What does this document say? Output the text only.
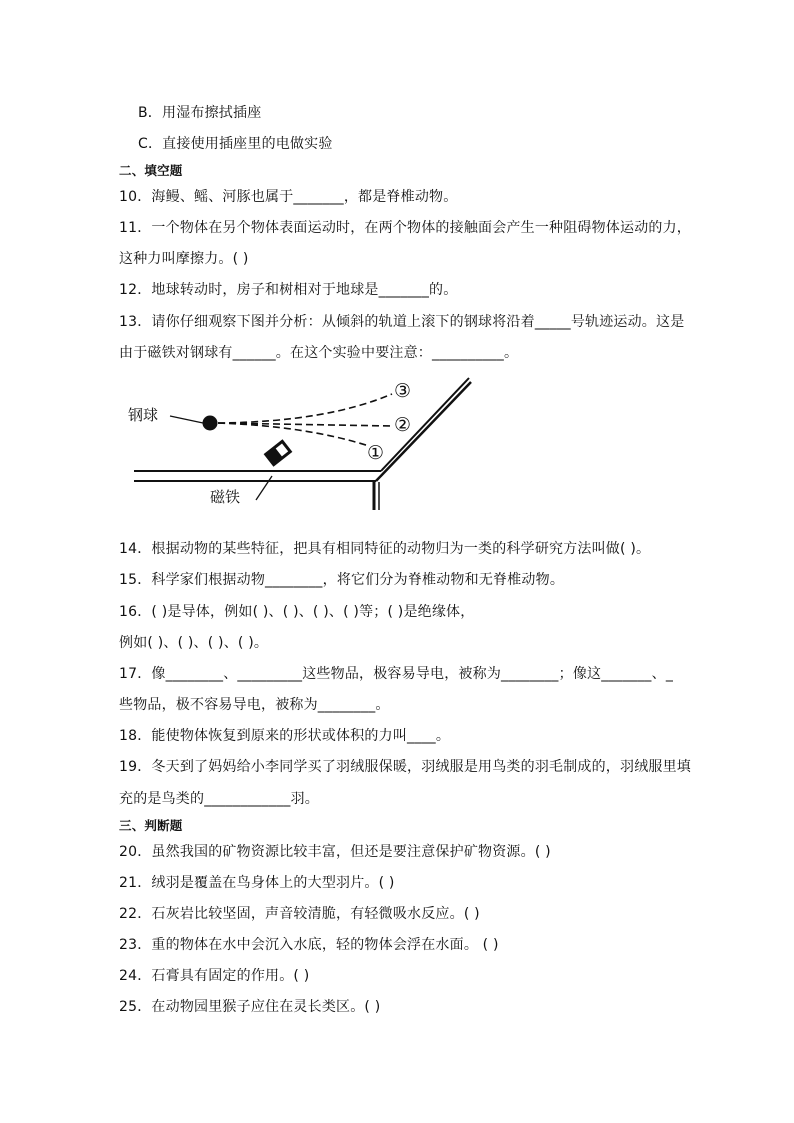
B．用湿布擦拭插座
C．直接使用插座里的电做实验
二、填空题
10．海鳗、鳐、河豚也属于_______，都是脊椎动物。
11．一个物体在另个物体表面运动时，在两个物体的接触面会产生一种阻碍物体运动的力，
这种力叫摩擦力。( )
12．地球转动时，房子和树相对于地球是_______的。
13．请你仔细观察下图并分析：从倾斜的轨道上滚下的钢球将沿着_____号轨迹运动。这是
由于磁铁对钢球有______。在这个实验中要注意：__________。
钢球
磁铁
③
②
①
14．根据动物的某些特征，把具有相同特征的动物归为一类的科学研究方法叫做( )。
15．科学家们根据动物________，将它们分为脊椎动物和无脊椎动物。
16．( )是导体，例如( )、( )、( )、( )等；( )是绝缘体，
例如( )、( )、( )、( )。
17．像________、_________这些物品，极容易导电，被称为________；像这_______、_
些物品，极不容易导电，被称为________。
18．能使物体恢复到原来的形状或体积的力叫____。
19．冬天到了妈妈给小李同学买了羽绒服保暖，羽绒服是用鸟类的羽毛制成的，羽绒服里填
充的是鸟类的____________羽。
三、判断题
20．虽然我国的矿物资源比较丰富，但还是要注意保护矿物资源。( )
21．绒羽是覆盖在鸟身体上的大型羽片。( )
22．石灰岩比较坚固，声音较清脆，有轻微吸水反应。( )
23．重的物体在水中会沉入水底，轻的物体会浮在水面。 ( )
24．石膏具有固定的作用。( )
25．在动物园里猴子应住在灵长类区。( )
